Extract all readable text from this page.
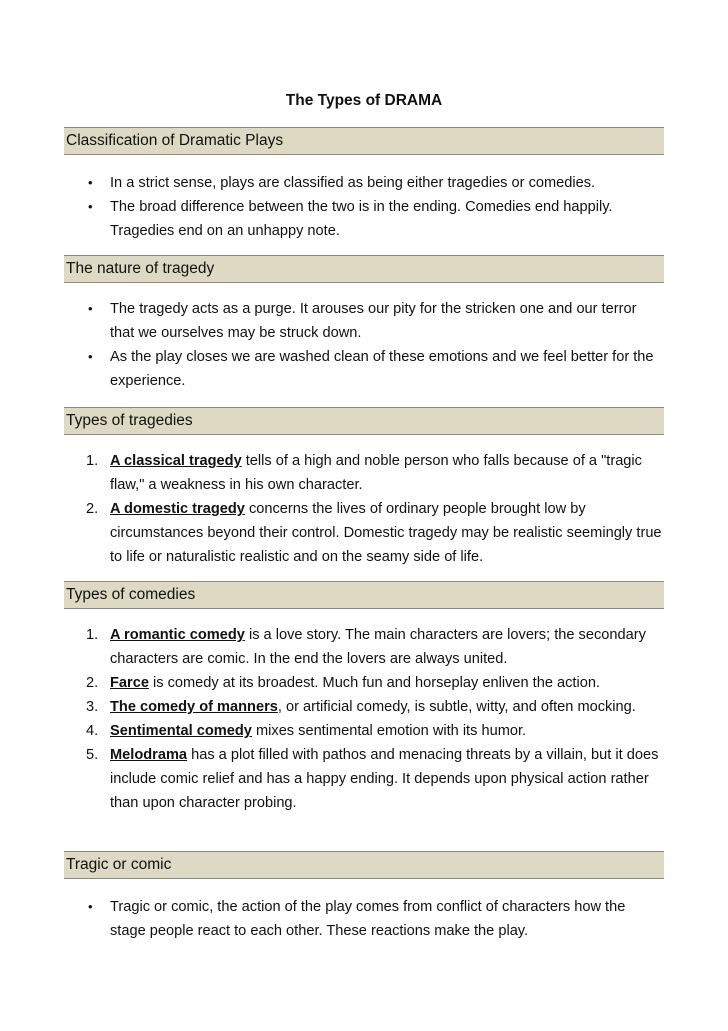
The Types of DRAMA
Classification of Dramatic Plays
•	In a strict sense, plays are classified as being either tragedies or comedies.
•	The broad difference between the two is in the ending. Comedies end happily. Tragedies end on an unhappy note.
The nature of tragedy
•	The tragedy acts as a purge. It arouses our pity for the stricken one and our terror that we ourselves may be struck down.
•	As the play closes we are washed clean of these emotions and we feel better for the experience.
Types of tragedies
1. A classical tragedy tells of a high and noble person who falls because of a "tragic flaw," a weakness in his own character.
2. A domestic tragedy concerns the lives of ordinary people brought low by circumstances beyond their control. Domestic tragedy may be realistic seemingly true to life or naturalistic realistic and on the seamy side of life.
Types of comedies
1. A romantic comedy is a love story. The main characters are lovers; the secondary characters are comic. In the end the lovers are always united.
2. Farce is comedy at its broadest. Much fun and horseplay enliven the action.
3. The comedy of manners, or artificial comedy, is subtle, witty, and often mocking.
4. Sentimental comedy mixes sentimental emotion with its humor.
5. Melodrama has a plot filled with pathos and menacing threats by a villain, but it does include comic relief and has a happy ending. It depends upon physical action rather than upon character probing.
Tragic or comic
•	Tragic or comic, the action of the play comes from conflict of characters how the stage people react to each other. These reactions make the play.
